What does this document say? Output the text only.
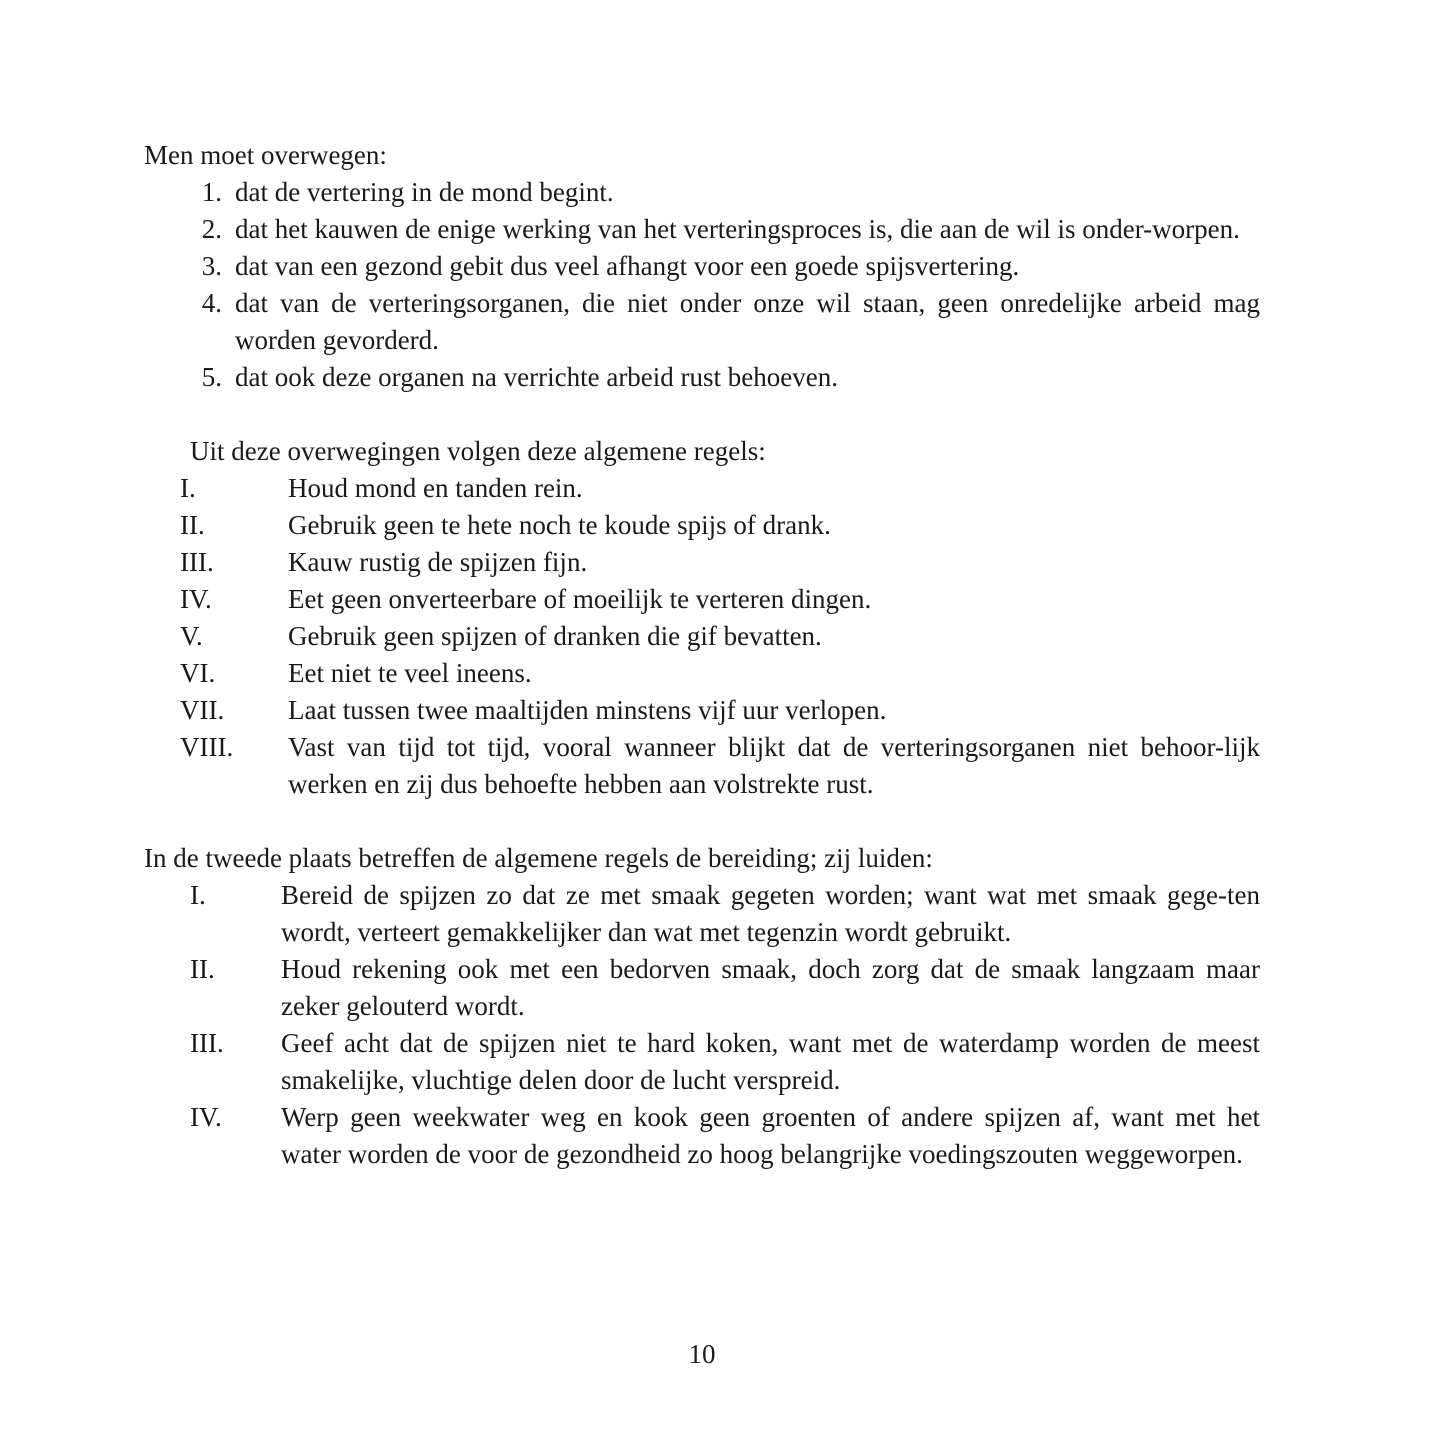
Men moet overwegen:

1. dat de vertering in de mond begint.
2. dat het kauwen de enige werking van het verteringsproces is, die aan de wil is onder-worpen.
3. dat van een gezond gebit dus veel afhangt voor een goede spijsvertering.
4. dat van de verteringsorganen, die niet onder onze wil staan, geen onredelijke arbeid mag worden gevorderd.
5. dat ook deze organen na verrichte arbeid rust behoeven.

Uit deze overwegingen volgen deze algemene regels:

I.	Houd mond en tanden rein.
II.	Gebruik geen te hete noch te koude spijs of drank.
III.	Kauw rustig de spijzen fijn.
IV.	Eet geen onverteerbare of moeilijk te verteren dingen.
V.	Gebruik geen spijzen of dranken die gif bevatten.
VI.	Eet niet te veel ineens.
VII. Laat tussen twee maaltijden minstens vijf uur verlopen.
VIII. Vast van tijd tot tijd, vooral wanneer blijkt dat de verteringsorganen niet behoor-lijk werken en zij dus behoefte hebben aan volstrekte rust.

In de tweede plaats betreffen de algemene regels de bereiding; zij luiden:

I.	Bereid de spijzen zo dat ze met smaak gegeten worden; want wat met smaak gege-ten wordt, verteert gemakkelijker dan wat met tegenzin wordt gebruikt.
II. Houd rekening ook met een bedorven smaak, doch zorg dat de smaak langzaam maar zeker gelouterd wordt.
III. Geef acht dat de spijzen niet te hard koken, want met de waterdamp worden de meest smakelijke, vluchtige delen door de lucht verspreid.
IV. Werp geen weekwater weg en kook geen groenten of andere spijzen af, want met het water worden de voor de gezondheid zo hoog belangrijke voedingszouten weggeworpen.
10
